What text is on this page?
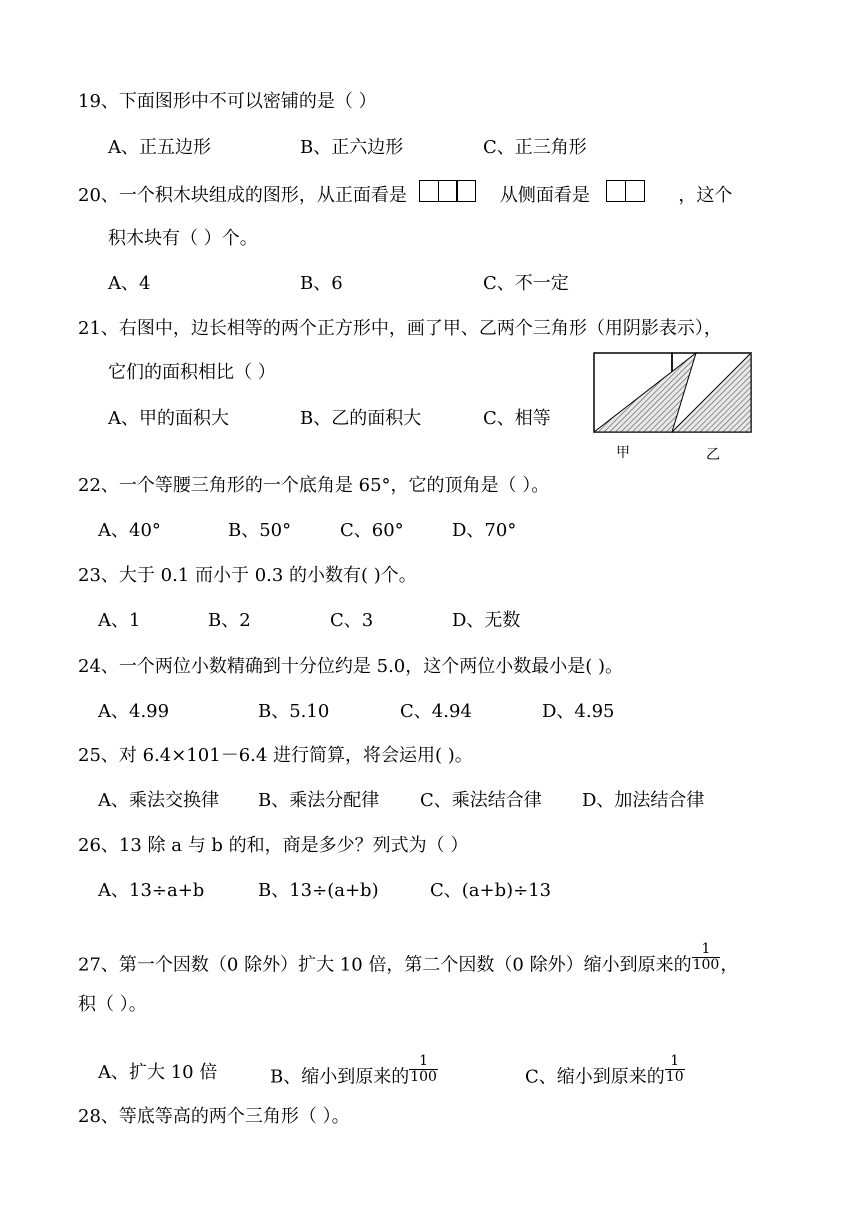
19、下面图形中不可以密铺的是（ ）
A、正五边形	B、正六边形	C、正三角形
20、一个积木块组成的图形，从正面看是	从侧面看是	，这个
积木块有（ ）个。
A、4	B、6	C、不一定
21、右图中，边长相等的两个正方形中，画了甲、乙两个三角形（用阴影表示），
它们的面积相比（ ）
A、甲的面积大	B、乙的面积大	C、相等
甲	乙
22、一个等腰三角形的一个底角是 65°，它的顶角是（ ）。
A、40°	B、50°	C、60°	D、70°
23、大于 0.1 而小于 0.3 的小数有( )个。
A、1	B、2	C、3	D、无数
24、一个两位小数精确到十分位约是 5.0，这个两位小数最小是( )。
A、4.99	B、5.10	C、4.94	D、4.95
25、对 6.4×101－6.4 进行简算，将会运用( )。
A、乘法交换律 B、乘法分配律 C、乘法结合律 D、加法结合律
26、13 除 a 与 b 的和，商是多少？列式为（ ）
A、13÷a+b	B、13÷(a+b)	C、(a+b)÷13
27、第一个因数（0 除外）扩大 10 倍，第二个因数（0 除外）缩小到原来的 $\frac{1}{100}$ ，
积（ ）。
A、扩大 10 倍	B、缩小到原来的 $\frac{1}{100}$	C、缩小到原来的 $\frac{1}{10}$
28、等底等高的两个三角形（ ）。
